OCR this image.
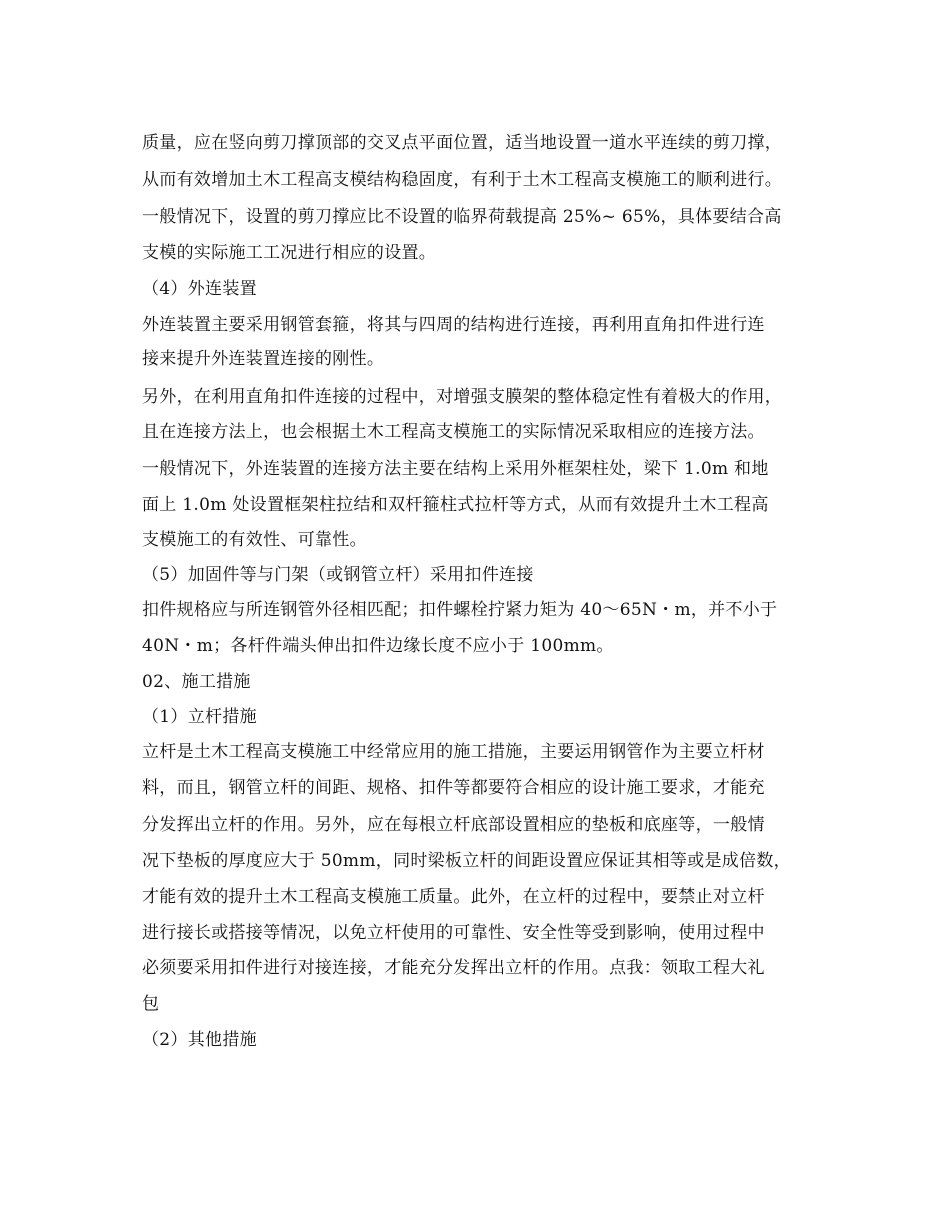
质量，应在竖向剪刀撑顶部的交叉点平面位置，适当地设置一道水平连续的剪刀撑，
从而有效增加土木工程高支模结构稳固度，有利于土木工程高支模施工的顺利进行。
一般情况下，设置的剪刀撑应比不设置的临界荷载提高 25%~ 65%，具体要结合高
支模的实际施工工况进行相应的设置。
（4）外连装置
外连装置主要采用钢管套箍，将其与四周的结构进行连接，再利用直角扣件进行连
接来提升外连装置连接的刚性。
另外，在利用直角扣件连接的过程中，对增强支膜架的整体稳定性有着极大的作用，
且在连接方法上，也会根据土木工程高支模施工的实际情况采取相应的连接方法。
一般情况下，外连装置的连接方法主要在结构上采用外框架柱处，梁下 1.0m 和地
面上 1.0m 处设置框架柱拉结和双杆箍柱式拉杆等方式，从而有效提升土木工程高
支模施工的有效性、可靠性。
（5）加固件等与门架（或钢管立杆）采用扣件连接
扣件规格应与所连钢管外径相匹配；扣件螺栓拧紧力矩为 40～65N・m，并不小于
40N・m；各杆件端头伸出扣件边缘长度不应小于 100mm。
02、施工措施
（1）立杆措施
立杆是土木工程高支模施工中经常应用的施工措施，主要运用钢管作为主要立杆材
料，而且，钢管立杆的间距、规格、扣件等都要符合相应的设计施工要求，才能充
分发挥出立杆的作用。另外，应在每根立杆底部设置相应的垫板和底座等，一般情
况下垫板的厚度应大于 50mm，同时梁板立杆的间距设置应保证其相等或是成倍数，
才能有效的提升土木工程高支模施工质量。此外，在立杆的过程中，要禁止对立杆
进行接长或搭接等情况，以免立杆使用的可靠性、安全性等受到影响，使用过程中
必须要采用扣件进行对接连接，才能充分发挥出立杆的作用。点我：领取工程大礼
包
（2）其他措施
